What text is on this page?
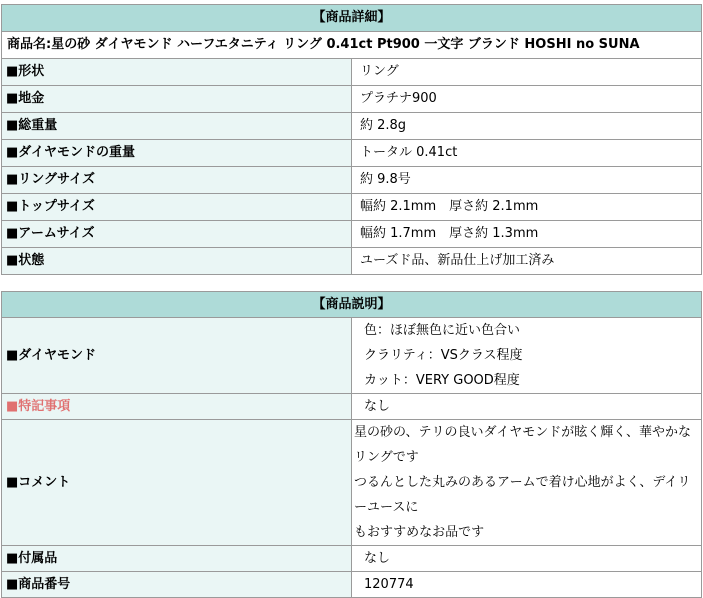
【商品詳細】	
商品名:星の砂 ダイヤモンド ハーフエタニティ リング 0.41ct Pt900 一文字 ブランド HOSHI no SUNA	
■形状	リング
■地金	プラチナ900
■総重量	約 2.8g
■ダイヤモンドの重量	トータル 0.41ct
■リングサイズ	約 9.8号
■トップサイズ	幅約 2.1mm　厚さ約 2.1mm
■アームサイズ	幅約 1.7mm　厚さ約 1.3mm
■状態	ユーズド品、新品仕上げ加工済み
【商品説明】	
■ダイヤモンド	色：ほぼ無色に近い色合い
クラリティ：VSクラス程度
カット：VERY GOOD程度

■特記事項	なし
■コメント	星の砂の、テリの良いダイヤモンドが眩く輝く、華やかなリングです
つるんとした丸みのあるアームで着け心地がよく、デイリーユースに
もおすすめなお品です

■付属品	なし
■商品番号	120774
